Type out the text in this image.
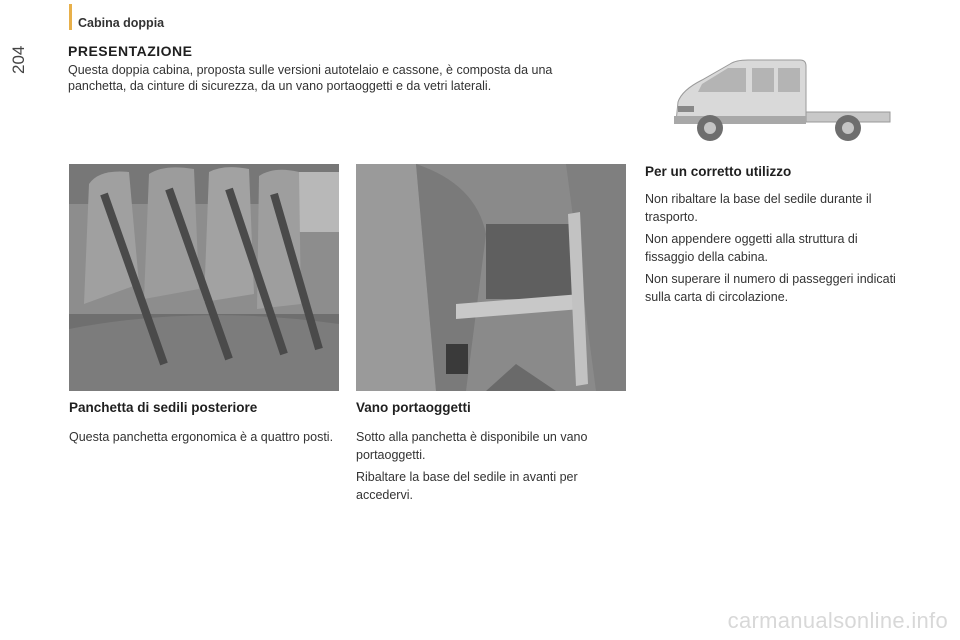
Cabina doppia
204	PRESENTAZIONE
Questa doppia cabina, proposta sulle versioni autotelaio e cassone, è composta da una panchetta, da cinture di sicurezza, da un vano portaoggetti e da vetri laterali.
Panchetta di sedili posteriore

Questa panchetta ergonomica è a quattro posti.

Vano portaoggetti

Sotto alla panchetta è disponibile un vano portaoggetti.

Ribaltare la base del sedile in avanti per accedervi.

Per un corretto utilizzo

Non ribaltare la base del sedile durante il trasporto.

Non appendere oggetti alla struttura di fissaggio della cabina.

Non superare il numero di passeggeri indicati sulla carta di circolazione.

carmanualsonline.info
